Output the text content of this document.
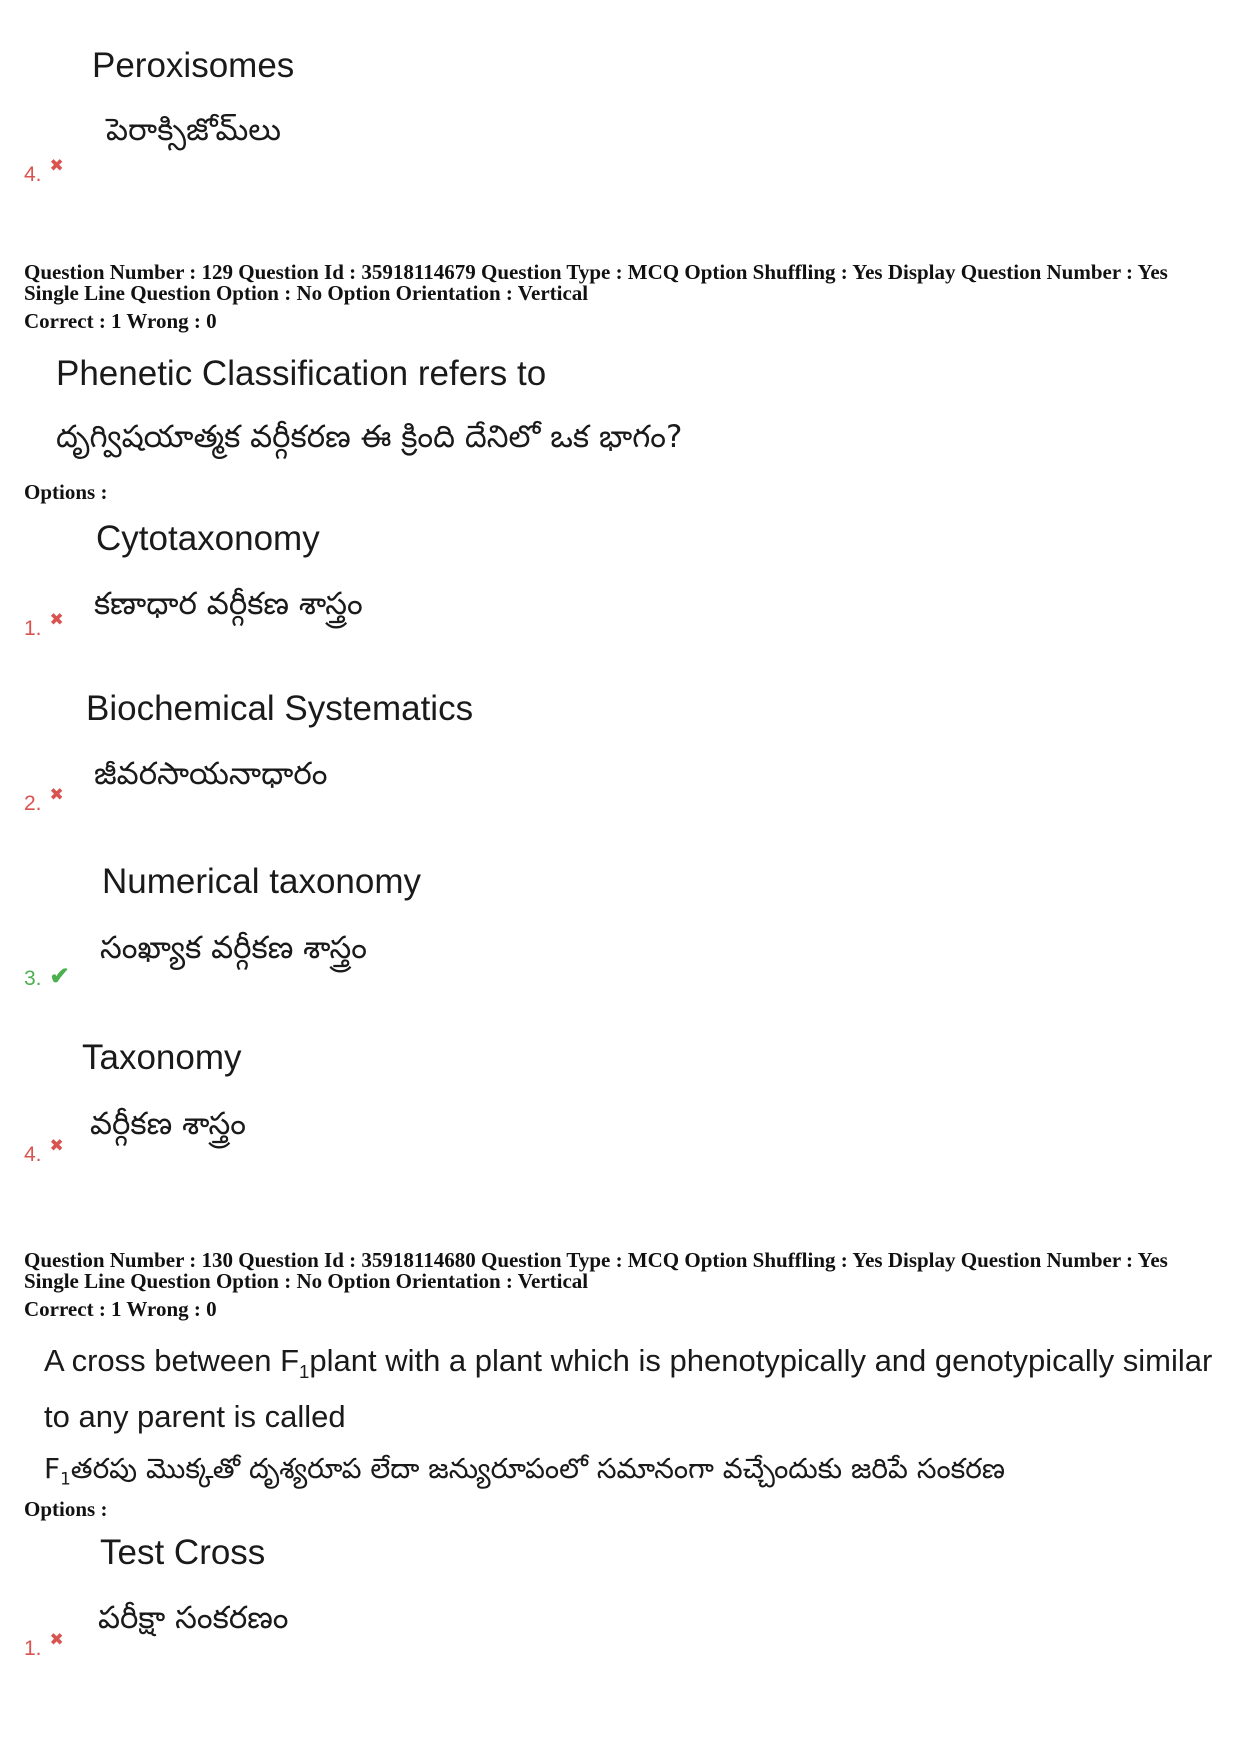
Peroxisomes
పెరాక్సిజోమ్‌లు
4. ✖
Question Number : 129 Question Id : 35918114679 Question Type : MCQ Option Shuffling : Yes Display Question Number : Yes
Single Line Question Option : No Option Orientation : Vertical
Correct : 1 Wrong : 0
Phenetic Classification refers to
దృగ్విషయాత్మక వర్గీకరణ ఈ క్రింది దేనిలో ఒక భాగం?
Options :
Cytotaxonomy
కణాధార వర్గీకణ శాస్త్రం
1. ✖
Biochemical Systematics
జీవరసాయనాధారం
2. ✖
Numerical taxonomy
సంఖ్యాక వర్గీకణ శాస్త్రం
3. ✔
Taxonomy
వర్గీకణ శాస్త్రం
4. ✖
Question Number : 130 Question Id : 35918114680 Question Type : MCQ Option Shuffling : Yes Display Question Number : Yes
Single Line Question Option : No Option Orientation : Vertical
Correct : 1 Wrong : 0
A cross between $F_1plant$ with a plant which is phenotypically and genotypically similar
to any parent is called
$F_1తరపు$ మొక్కతో దృశ్యరూప లేదా జన్యురూపంలో సమానంగా వచ్చేందుకు జరిపే సంకరణ
Options :
Test Cross
పరీక్షా సంకరణం
1. ✖
